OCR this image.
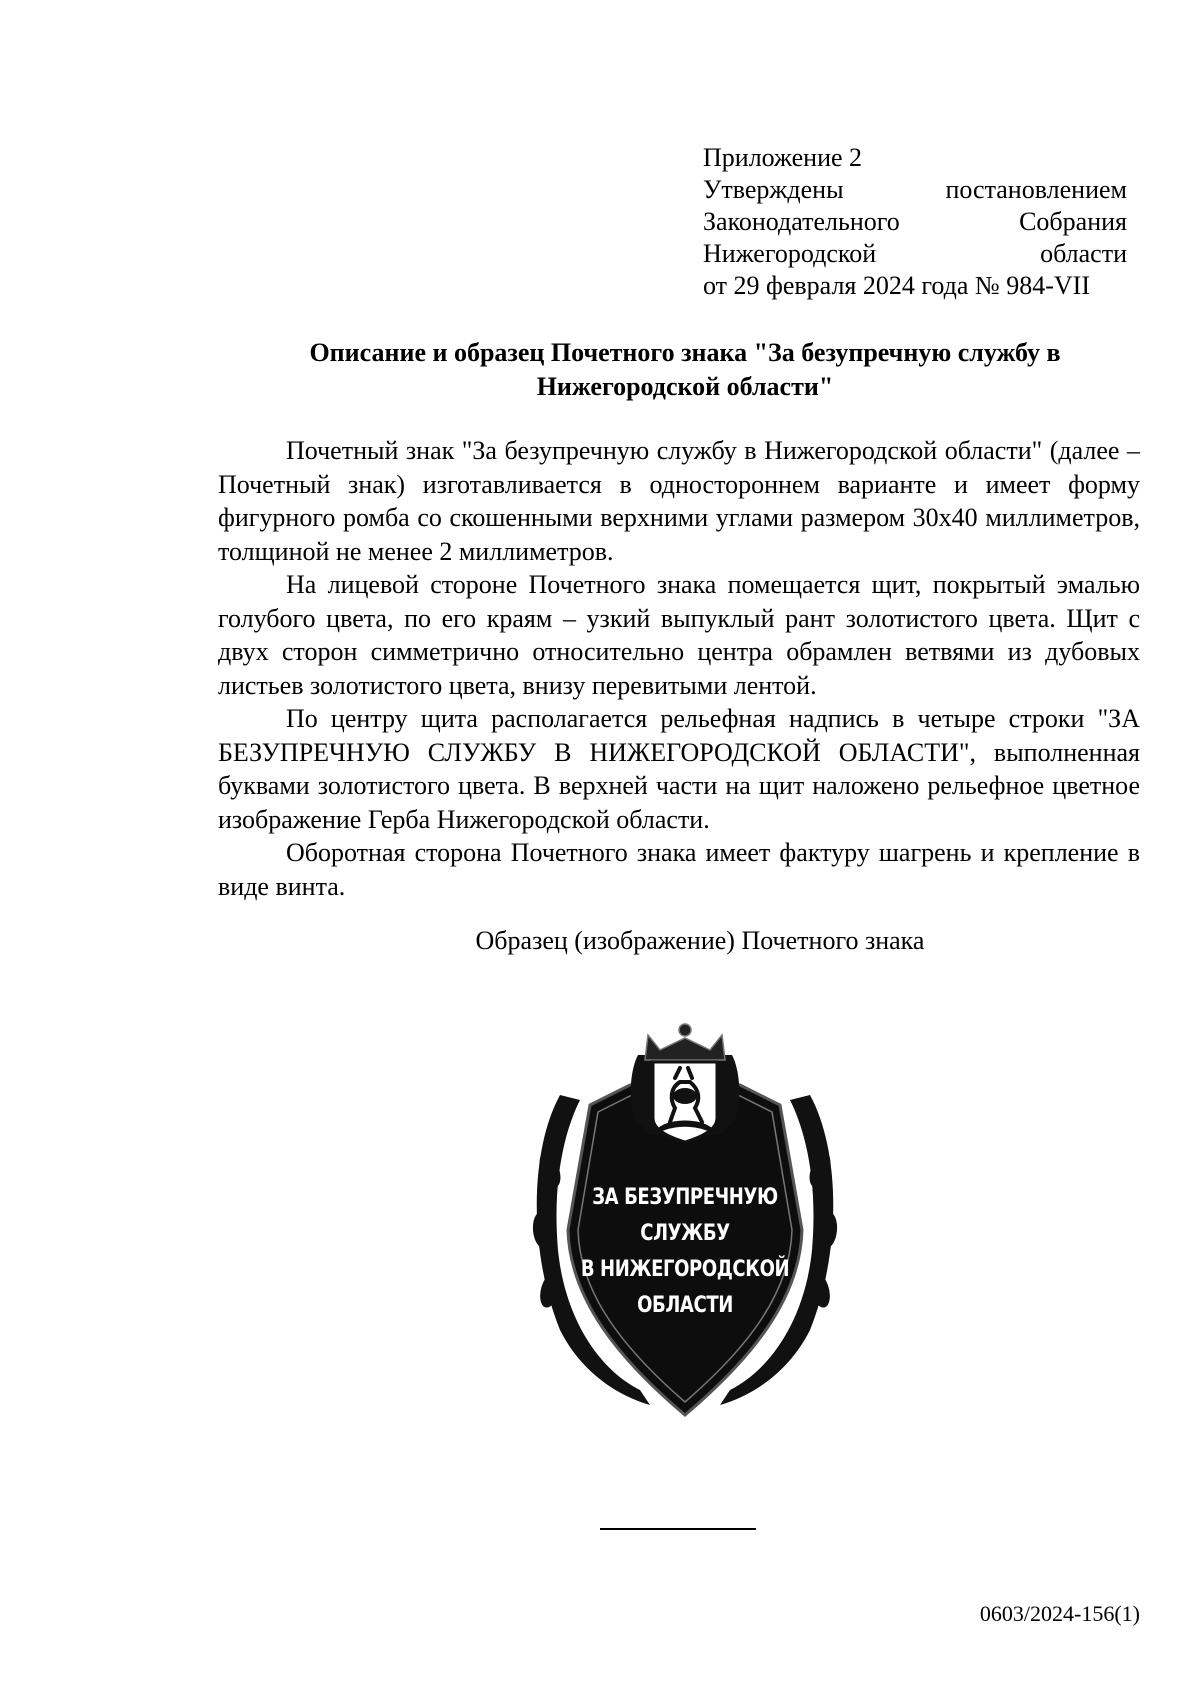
Приложение 2
Утверждены	постановлением
Законодательного	Собрания
Нижегородской	области
от 29 февраля 2024 года № 984-VII
Описание и образец Почетного знака "За безупречную службу в Нижегородской области"

Почетный знак "За безупречную службу в Нижегородской области" (далее – Почетный знак) изготавливается в одностороннем варианте и имеет форму фигурного ромба со скошенными верхними углами размером 30х40 миллиметров, толщиной не менее 2 миллиметров.

На лицевой стороне Почетного знака помещается щит, покрытый эмалью голубого цвета, по его краям – узкий выпуклый рант золотистого цвета. Щит с двух сторон симметрично относительно центра обрамлен ветвями из дубовых листьев золотистого цвета, внизу перевитыми лентой.

По центру щита располагается рельефная надпись в четыре строки "ЗА БЕЗУПРЕЧНУЮ СЛУЖБУ В НИЖЕГОРОДСКОЙ ОБЛАСТИ", выполненная буквами золотистого цвета. В верхней части на щит наложено рельефное цветное изображение Герба Нижегородской области.

Оборотная сторона Почетного знака имеет фактуру шагрень и крепление в виде винта.

Образец (изображение) Почетного знака
ЗА БЕЗУПРЕЧНУЮ
СЛУЖБУ
В НИЖЕГОРОДСКОЙ
ОБЛАСТИ
0603/2024-156(1)
